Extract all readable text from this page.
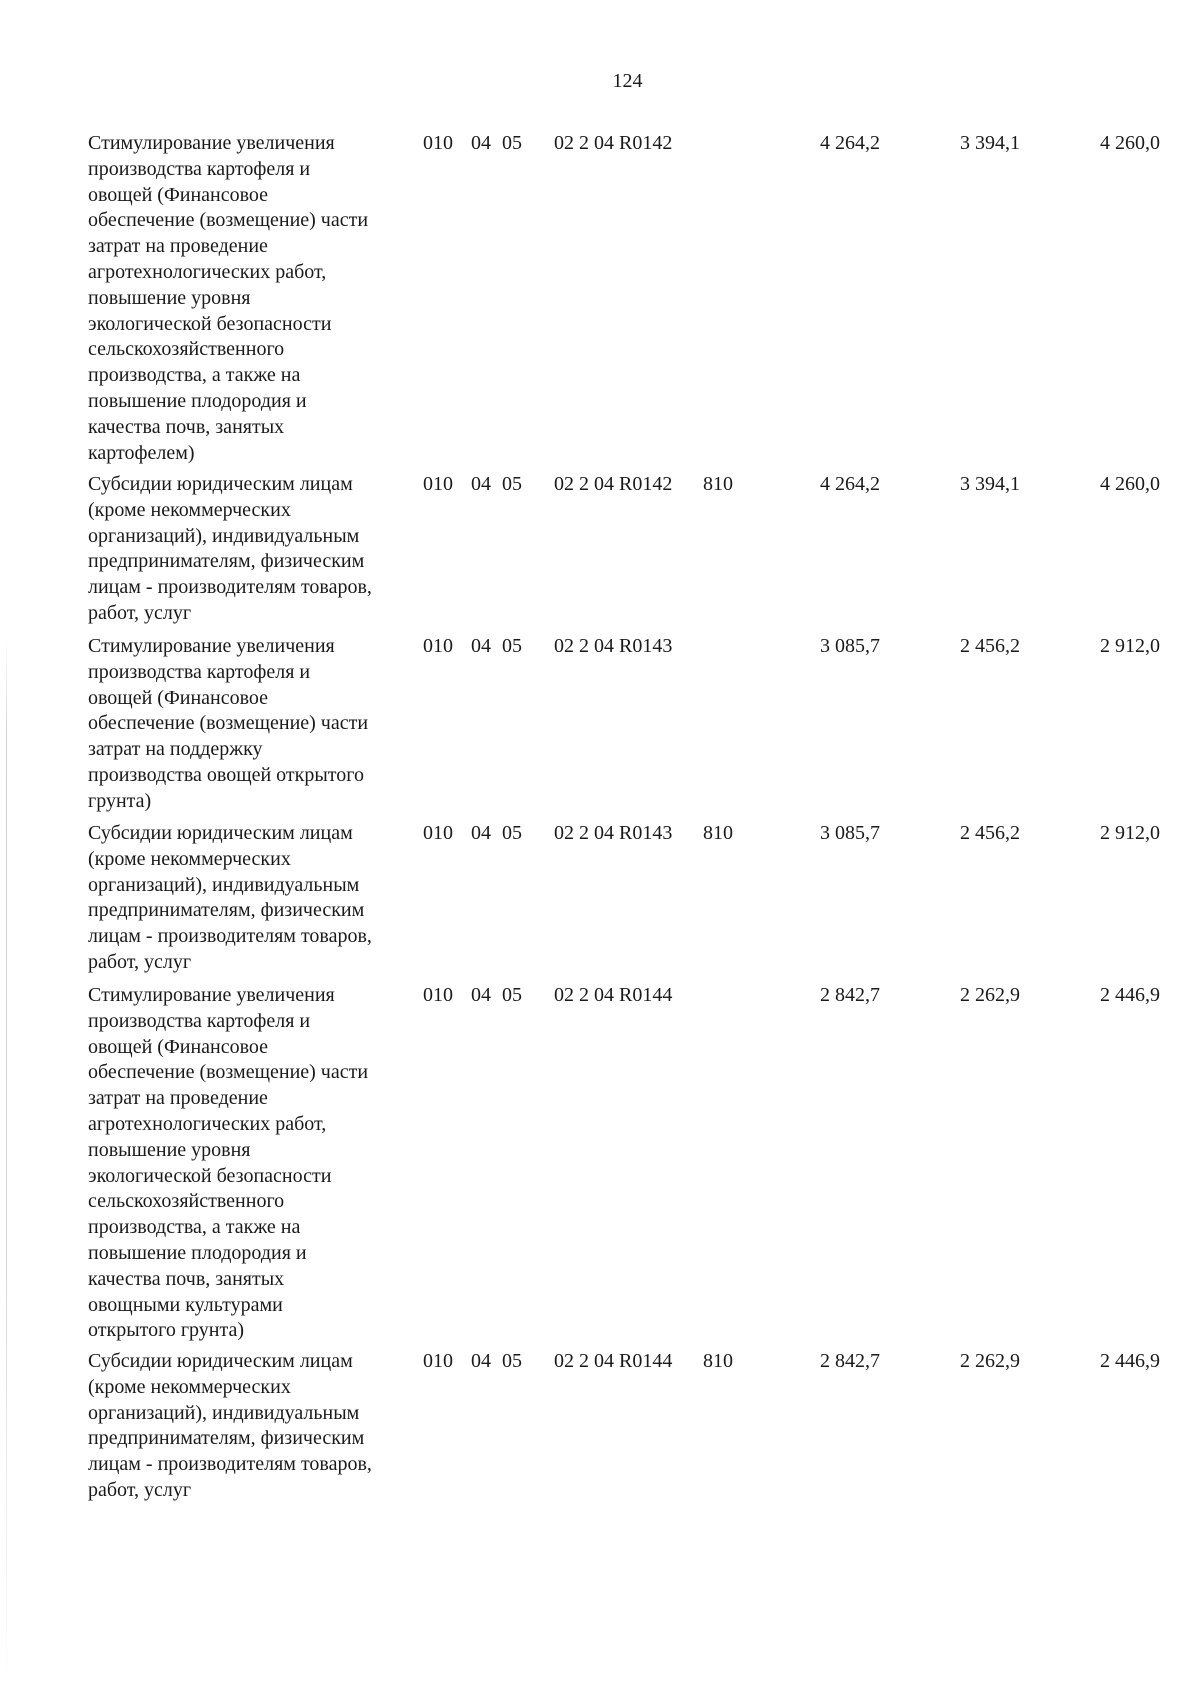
124
Стимулирование увеличения
производства картофеля и
овощей (Финансовое
обеспечение (возмещение) части
затрат на проведение
агротехнологических работ,
повышение уровня
экологической безопасности
сельскохозяйственного
производства, а также на
повышение плодородия и
качества почв, занятых
картофелем)
010 04 05 02 2 04 R0142	4 264,2	3 394,1	4 260,0
Субсидии юридическим лицам
(кроме некоммерческих
организаций), индивидуальным
предпринимателям, физическим
лицам - производителям товаров,
работ, услуг
010 04 05 02 2 04 R0142 810	4 264,2	3 394,1	4 260,0
Стимулирование увеличения
производства картофеля и
овощей (Финансовое
обеспечение (возмещение) части
затрат на поддержку
производства овощей открытого
грунта)
010 04 05 02 2 04 R0143	3 085,7	2 456,2	2 912,0
Субсидии юридическим лицам
(кроме некоммерческих
организаций), индивидуальным
предпринимателям, физическим
лицам - производителям товаров,
работ, услуг
010 04 05 02 2 04 R0143 810	3 085,7	2 456,2	2 912,0
Стимулирование увеличения
производства картофеля и
овощей (Финансовое
обеспечение (возмещение) части
затрат на проведение
агротехнологических работ,
повышение уровня
экологической безопасности
сельскохозяйственного
производства, а также на
повышение плодородия и
качества почв, занятых
овощными культурами
открытого грунта)
010 04 05 02 2 04 R0144	2 842,7	2 262,9	2 446,9
Субсидии юридическим лицам
(кроме некоммерческих
организаций), индивидуальным
предпринимателям, физическим
лицам - производителям товаров,
работ, услуг
010 04 05 02 2 04 R0144 810	2 842,7	2 262,9	2 446,9
